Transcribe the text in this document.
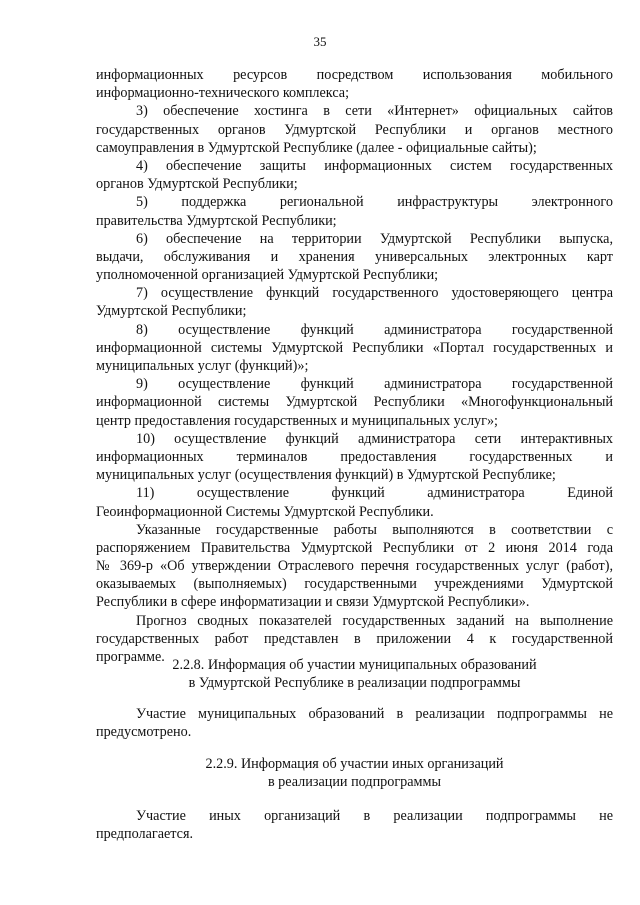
35
информационных ресурсов посредством использования мобильного
информационно-технического комплекса;
3) обеспечение хостинга в сети «Интернет» официальных сайтов
государственных органов Удмуртской Республики и органов местного
самоуправления в Удмуртской Республике (далее - официальные сайты);
4) обеспечение защиты информационных систем государственных
органов Удмуртской Республики;
5) поддержка региональной инфраструктуры электронного
правительства Удмуртской Республики;
6) обеспечение на территории Удмуртской Республики выпуска,
выдачи, обслуживания и хранения универсальных электронных карт
уполномоченной организацией Удмуртской Республики;
7) осуществление функций государственного удостоверяющего центра
Удмуртской Республики;
8) осуществление функций администратора государственной
информационной системы Удмуртской Республики «Портал государственных и
муниципальных услуг (функций)»;
9) осуществление функций администратора государственной
информационной системы Удмуртской Республики «Многофункциональный
центр предоставления государственных и муниципальных услуг»;
10) осуществление функций администратора сети интерактивных
информационных терминалов предоставления государственных и
муниципальных услуг (осуществления функций) в Удмуртской Республике;
11) осуществление функций администратора Единой
Геоинформационной Системы Удмуртской Республики.
Указанные государственные работы выполняются в соответствии с
распоряжением Правительства Удмуртской Республики от 2 июня 2014 года
№ 369-р «Об утверждении Отраслевого перечня государственных услуг (работ),
оказываемых (выполняемых) государственными учреждениями Удмуртской
Республики в сфере информатизации и связи Удмуртской Республики».
Прогноз сводных показателей государственных заданий на выполнение
государственных работ представлен в приложении 4 к государственной
программе. 2.2.8. Информация об участии муниципальных образований
в Удмуртской Республике в реализации подпрограммы
Участие муниципальных образований в реализации подпрограммы не
предусмотрено.
2.2.9. Информация об участии иных организаций
в реализации подпрограммы
Участие иных организаций в реализации подпрограммы не
предполагается.
